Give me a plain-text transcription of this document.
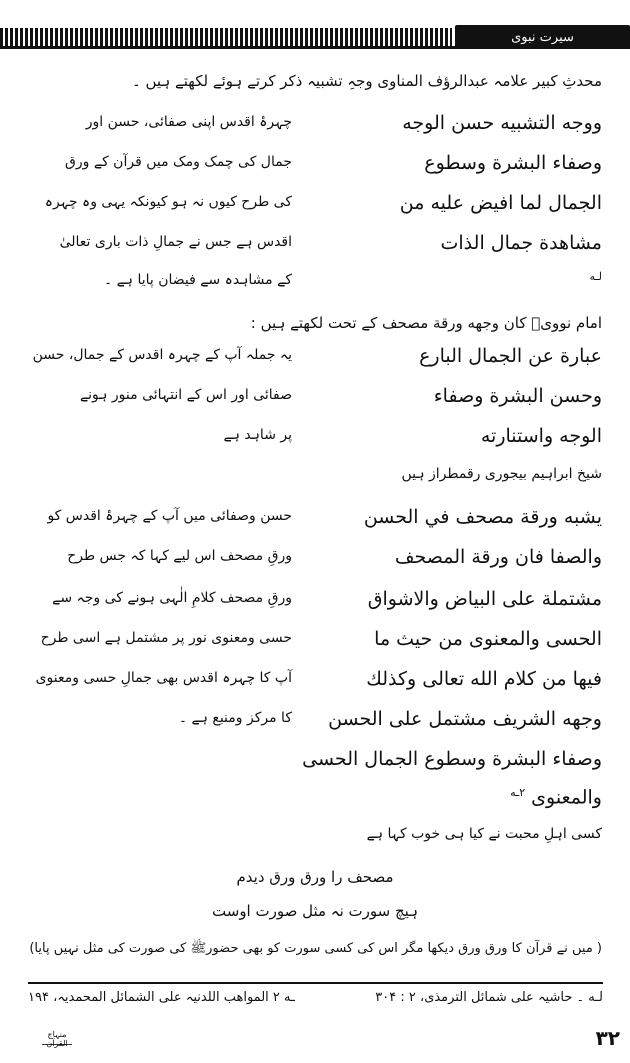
سیرت نبوی
محدثِ کبیر علامہ عبدالرؤف المناوی وجہِ تشبیہ ذکر کرتے ہوئے لکھتے ہیں ۔
ووجه التشبيه حسن الوجه
چہرۂ اقدس اپنی صفائی، حسن اور
وصفاء البشرة وسطوع
جمال کی چمک ومک میں قرآن کے ورق
الجمال لما افيض عليه من
کی طرح کیوں نہ ہو کیونکہ یہی وہ چہرہ
مشاهدة جمال الذات
اقدس ہے جس نے جمالِ ذات باری تعالیٰ
$^{لـه}$
کے مشاہدہ سے فیضان پایا ہے ۔
امام نوویؒ کان وجهه ورقة مصحف کے تحت لکھتے ہیں :
عبارة عن الجمال البارع
یہ جملہ آپ کے چہرہ اقدس کے جمال، حسن
وحسن البشرة وصفاء
صفائی اور اس کے انتہائی منور ہونے
الوجه واستنارته
پر شاہد ہے
شیخ ابراہیم بیجوری رقمطراز ہیں
يشبه ورقة مصحف في الحسن
حسن وصفائی میں آپ کے چہرۂ اقدس کو
والصفا فان ورقة المصحف
ورقِ مصحف اس لیے کہا کہ جس طرح
مشتملة على البياض والاشواق
ورقِ مصحف کلامِ الٰہی ہونے کی وجہ سے
الحسى والمعنوى من حيث ما
حسی ومعنوی نور پر مشتمل ہے اسی طرح
فيها من كلام الله تعالى وكذلك
آپ کا چہرہ اقدس بھی جمالِ حسی ومعنوی
وجهه الشريف مشتمل على الحسن
کا مرکز ومنبع ہے ۔
وصفاء البشرة وسطوع الجمال الحسى
والمعنوى $^{۲ـه}$
کسی اہلِ محبت نے کیا ہی خوب کہا ہے
مصحف را ورق ورق دیدم
ہیچ سورت نہ مثل صورت اوست
( میں نے قرآن کا ورق ورق دیکھا مگر اس کی کسی سورت کو بھی حضورﷺ کی صورت کی مثل نہیں پایا)
لـه ۔ حاشیہ علی شمائل الترمذی، ۲ : ۳۰۴
ـه ۲ المواهب اللدنیہ علی الشمائل المحمدیہ، ۱۹۴
منہاج القرآن	۳۲
